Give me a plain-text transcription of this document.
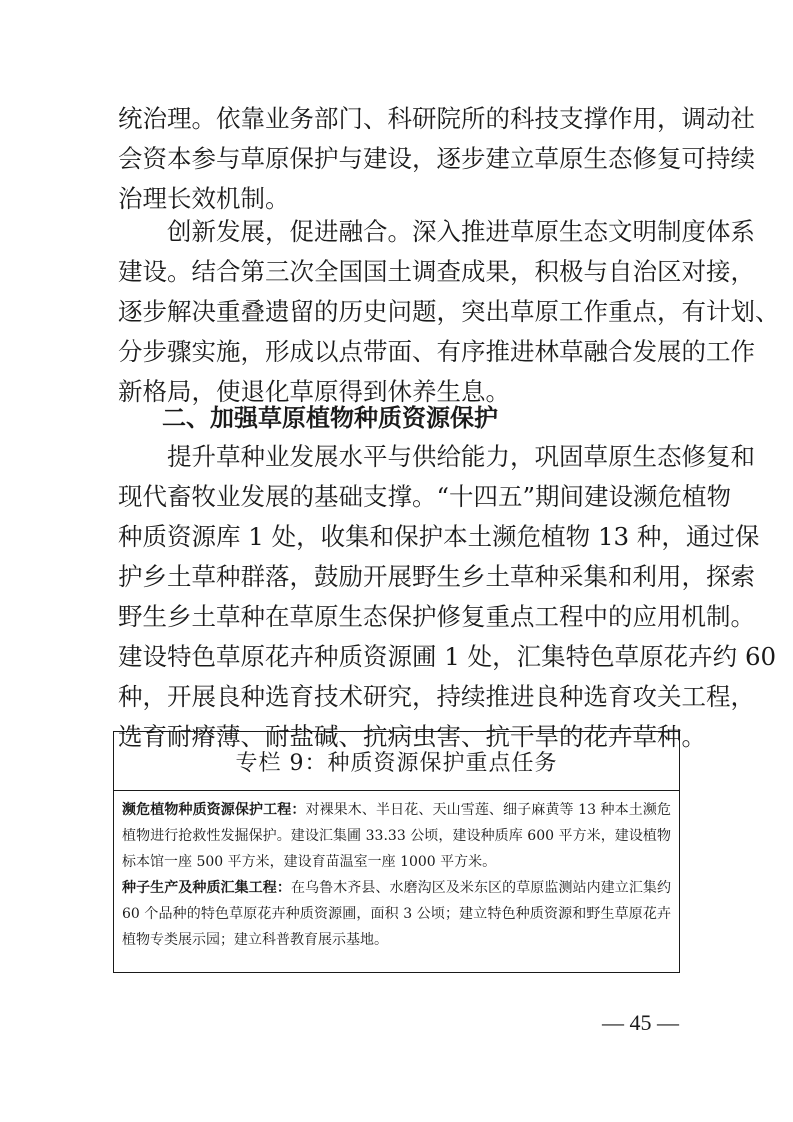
统治理。依靠业务部门、科研院所的科技支撑作用，调动社
会资本参与草原保护与建设，逐步建立草原生态修复可持续
治理长效机制。
　　创新发展，促进融合。深入推进草原生态文明制度体系
建设。结合第三次全国国土调查成果，积极与自治区对接，
逐步解决重叠遗留的历史问题，突出草原工作重点，有计划、
分步骤实施，形成以点带面、有序推进林草融合发展的工作
新格局，使退化草原得到休养生息。
二、加强草原植物种质资源保护
　　提升草种业发展水平与供给能力，巩固草原生态修复和
现代畜牧业发展的基础支撑。“十四五”期间建设濒危植物
种质资源库 1 处，收集和保护本土濒危植物 13 种，通过保
护乡土草种群落，鼓励开展野生乡土草种采集和利用，探索
野生乡土草种在草原生态保护修复重点工程中的应用机制。
建设特色草原花卉种质资源圃 1 处，汇集特色草原花卉约 60
种，开展良种选育技术研究，持续推进良种选育攻关工程，
选育耐瘠薄、耐盐碱、抗病虫害、抗干旱的花卉草种。
专栏 9：种质资源保护重点任务

濒危植物种质资源保护工程：对裸果木、半日花、天山雪莲、细子麻黄等 13 种本土濒危植物进行抢救性发掘保护。建设汇集圃 33.33 公顷，建设种质库 600 平方米，建设植物标本馆一座 500 平方米，建设育苗温室一座 1000 平方米。

种子生产及种质汇集工程：在乌鲁木齐县、水磨沟区及米东区的草原监测站内建立汇集约 60 个品种的特色草原花卉种质资源圃，面积 3 公顷；建立特色种质资源和野生草原花卉植物专类展示园；建立科普教育展示基地。

— 45 —
